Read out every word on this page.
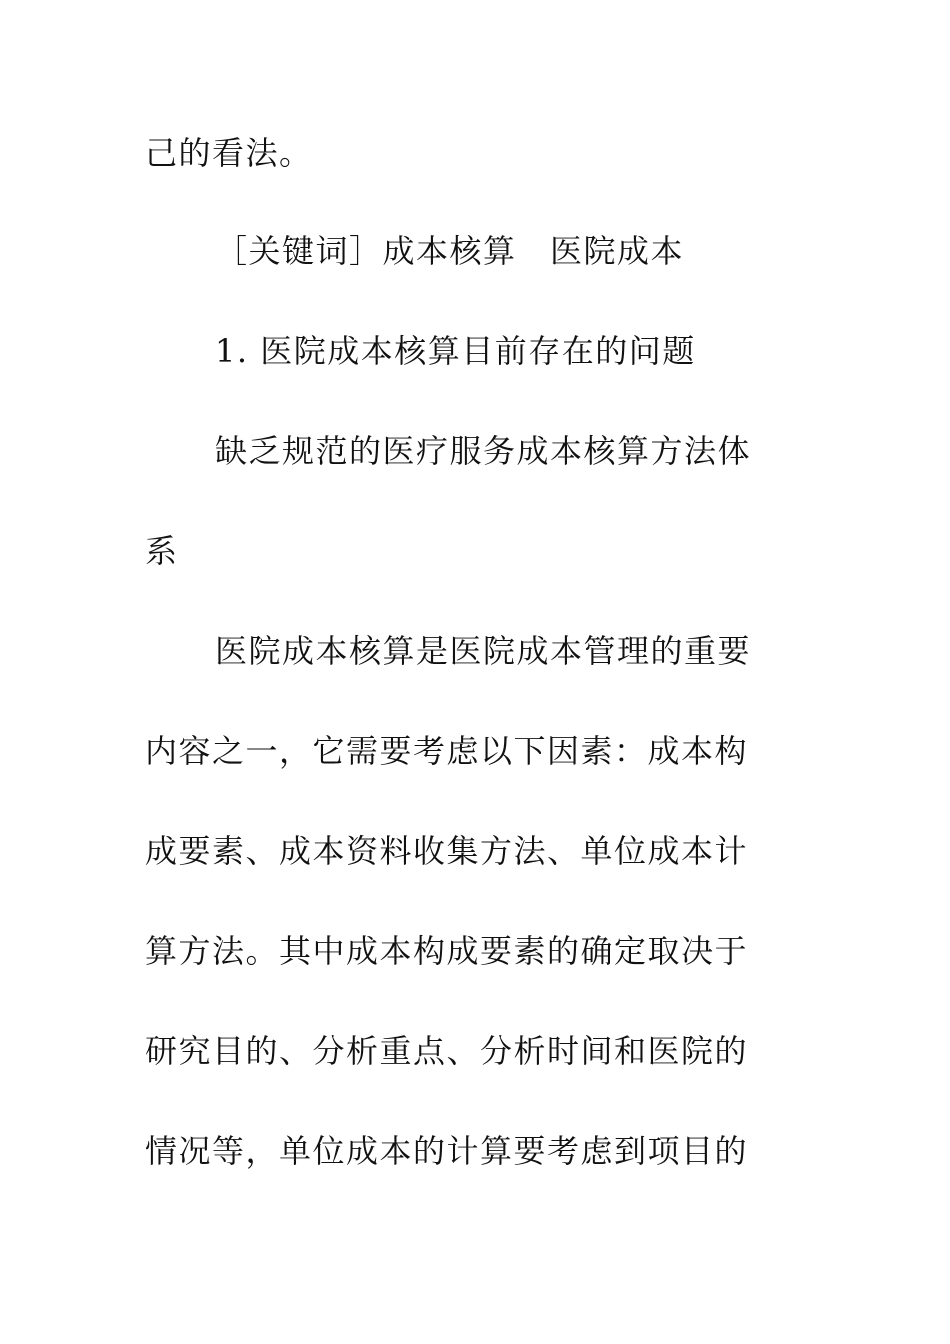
己的看法。

［关键词］成本核算　医院成本

1. 医院成本核算目前存在的问题

缺乏规范的医疗服务成本核算方法体

系

医院成本核算是医院成本管理的重要

内容之一，它需要考虑以下因素：成本构

成要素、成本资料收集方法、单位成本计

算方法。其中成本构成要素的确定取决于

研究目的、分析重点、分析时间和医院的

情况等，单位成本的计算要考虑到项目的
